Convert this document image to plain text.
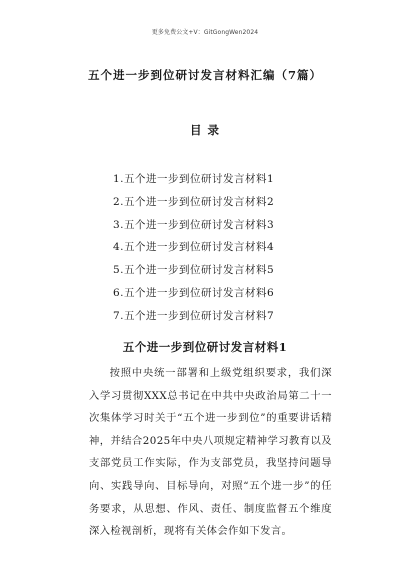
更多免费公文+V：GitGongWen2024
五个进一步到位研讨发言材料汇编（7篇）
目 录
1.五个进一步到位研讨发言材料1
2.五个进一步到位研讨发言材料2
3.五个进一步到位研讨发言材料3
4.五个进一步到位研讨发言材料4
5.五个进一步到位研讨发言材料5
6.五个进一步到位研讨发言材料6
7.五个进一步到位研讨发言材料7
五个进一步到位研讨发言材料1

按照中央统一部署和上级党组织要求，我们深入学习贯彻XXX总书记在中共中央政治局第二十一次集体学习时关于“五个进一步到位”的重要讲话精神，并结合2025年中央八项规定精神学习教育以及支部党员工作实际，作为支部党员，我坚持问题导向、实践导向、目标导向，对照“五个进一步”的任务要求，从思想、作风、责任、制度监督五个维度深入检视剖析，现将有关体会作如下发言。
